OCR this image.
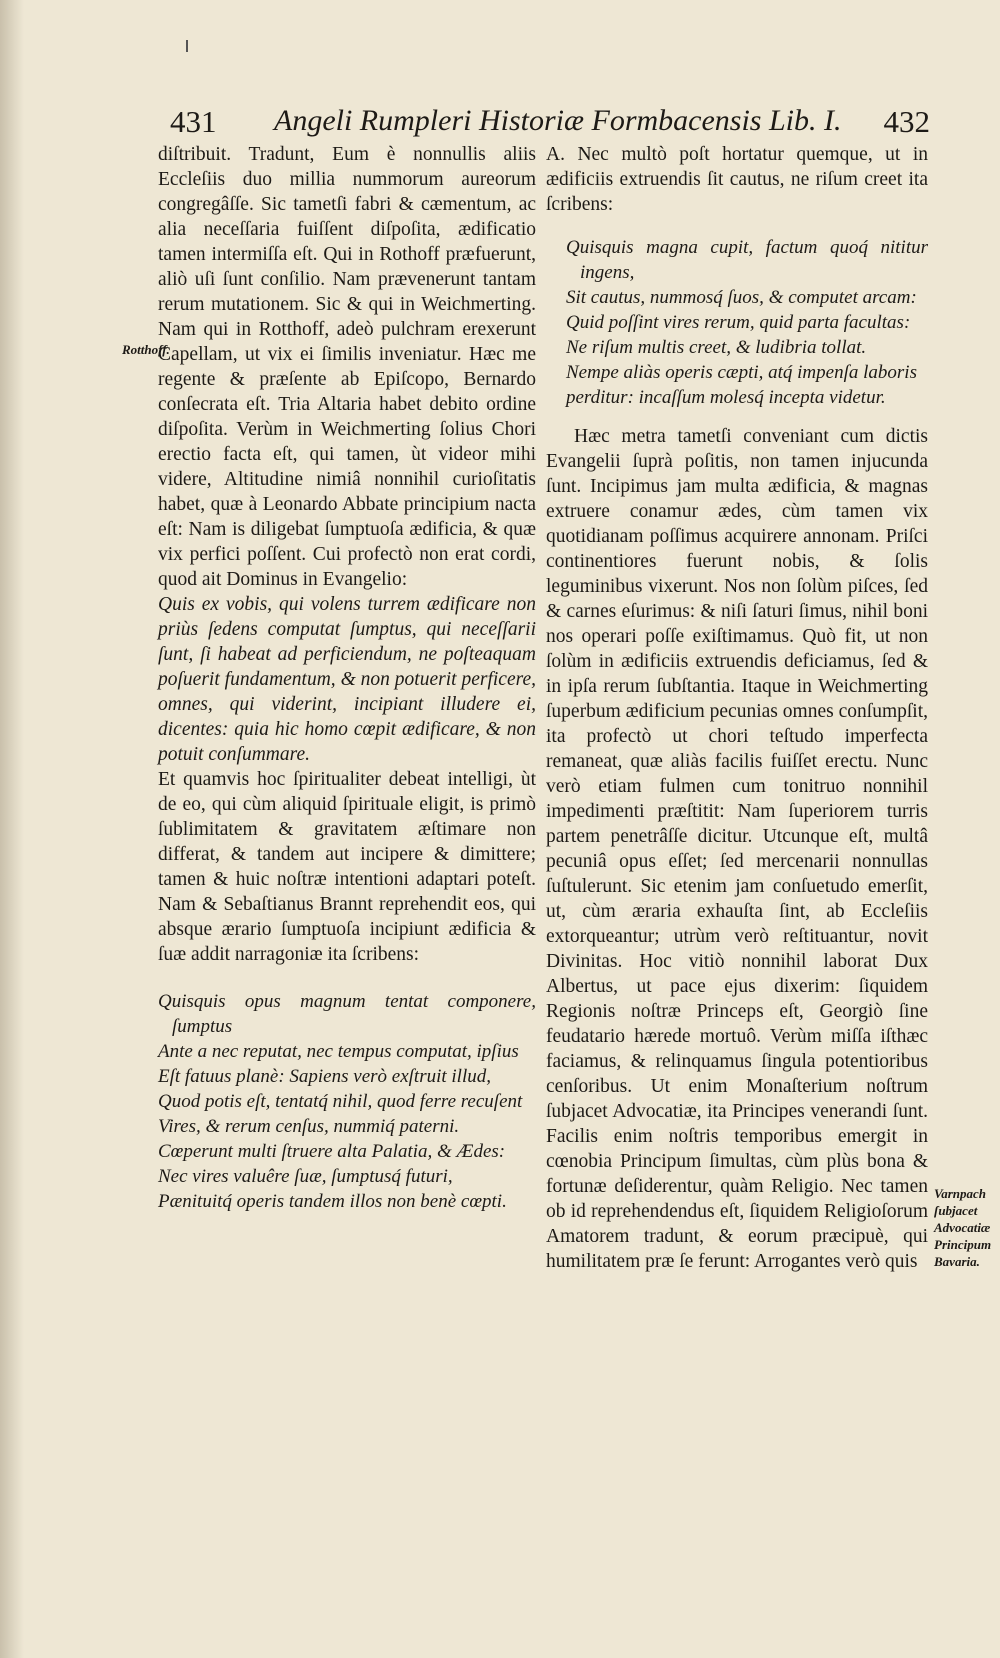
431 Angeli Rumpleri Historiæ Formbacensis Lib. I. 432
Rotthoff.

diſtribuit. Tradunt, Eum è nonnullis aliis Eccleſiis duo millia nummorum aureorum congregâſſe. Sic tametſi fabri & cæmentum, ac alia neceſſaria fuiſſent diſpoſita, ædificatio tamen intermiſſa eſt. Qui in Rothoff præfuerunt, aliò uſi ſunt conſilio. Nam prævenerunt tantam rerum mutationem. Sic & qui in Weichmerting. Nam qui in Rotthoff, adeò pulchram erexerunt Capellam, ut vix ei ſimilis inveniatur. Hæc me regente & præſente ab Epiſcopo, Bernardo conſecrata eſt. Tria Altaria habet debito ordine diſpoſita. Verùm in Weichmerting ſolius Chori erectio facta eſt, qui tamen, ùt videor mihi videre, Altitudine nimiâ nonnihil curioſitatis habet, quæ à Leonardo Abbate principium nacta eſt: Nam is diligebat ſumptuoſa ædificia, & quæ vix perfici poſſent. Cui profectò non erat cordi, quod ait Dominus in Evangelio:

Quis ex vobis, qui volens turrem ædificare non priùs ſedens computat ſumptus, qui neceſſarii ſunt, ſi habeat ad perficiendum, ne poſteaquam poſuerit fundamentum, & non potuerit perficere, omnes, qui viderint, incipiant illudere ei, dicentes: quia hic homo cœpit ædificare, & non potuit conſummare.

Et quamvis hoc ſpiritualiter debeat intelligi, ùt de eo, qui cùm aliquid ſpirituale eligit, is primò ſublimitatem & gravitatem æſtimare non differat, & tandem aut incipere & dimittere; tamen & huic noſtræ intentioni adaptari poteſt. Nam & Sebaſtianus Brannt reprehendit eos, qui absque ærario ſumptuoſa incipiunt ædificia & ſuæ addit narragoniæ ita ſcribens:

Quisquis opus magnum tentat componere, ſumptus
Ante a nec reputat, nec tempus computat, ipſius
Eſt fatuus planè: Sapiens verò exſtruit illud,
Quod potis eſt, tentatq́ nihil, quod ferre recuſent
Vires, & rerum cenſus, nummiq́ paterni.
Cœperunt multi ſtruere alta Palatia, & Ædes:
Nec vires valuêre ſuæ, ſumptusq́ futuri,
Pænituitq́ operis tandem illos non benè cœpti.

A. Nec multò poſt hortatur quemque, ut in ædificiis extruendis ſit cautus, ne riſum creet ita ſcribens:

Quisquis magna cupit, factum quoq́ nititur ingens,
Sit cautus, nummosq́ ſuos, & computet arcam:
Quid poſſint vires rerum, quid parta facultas:
Ne riſum multis creet, & ludibria tollat.
Nempe aliàs operis cæpti, atq́ impenſa laboris
perditur: incaſſum molesq́ incepta videtur.

Hæc metra tametſi conveniant cum dictis Evangelii ſuprà poſitis, non tamen injucunda ſunt. Incipimus jam multa ædificia, & magnas extruere conamur ædes, cùm tamen vix quotidianam poſſimus acquirere annonam. Priſci continentiores fuerunt nobis, & ſolis leguminibus vixerunt. Nos non ſolùm piſces, ſed & carnes eſurimus: & niſi ſaturi ſimus, nihil boni nos operari poſſe exiſtimamus. Quò fit, ut non ſolùm in ædificiis extruendis deficiamus, ſed & in ipſa rerum ſubſtantia. Itaque in Weichmerting ſuperbum ædificium pecunias omnes conſumpſit, ita profectò ut chori teſtudo imperfecta remaneat, quæ aliàs facilis fuiſſet erectu. Nunc verò etiam fulmen cum tonitruo nonnihil impedimenti præſtitit: Nam ſuperiorem turris partem penetrâſſe dicitur. Utcunque eſt, multâ pecuniâ opus eſſet; ſed mercenarii nonnullas ſuſtulerunt. Sic etenim jam conſuetudo emerſit, ut, cùm æraria exhauſta ſint, ab Eccleſiis extorqueantur; utrùm verò reſtituantur, novit Divinitas. Hoc vitiò nonnihil laborat Dux Albertus, ut pace ejus dixerim: ſiquidem Regionis noſtræ Princeps eſt, Georgiò ſine feudatario hærede mortuô. Verùm miſſa iſthæc faciamus, & relinquamus ſingula potentioribus cenſoribus. Ut enim Monaſterium noſtrum ſubjacet Advocatiæ, ita Principes venerandi ſunt. Facilis enim noſtris temporibus emergit in cœnobia Principum ſimultas, cùm plùs bona & fortunæ deſiderentur, quàm Religio. Nec tamen ob id reprehendendus eſt, ſiquidem Religioſorum Amatorem tradunt, & eorum præcipuè, qui humilitatem præ ſe ferunt: Arrogantes verò quis

Varnpach ſubjacet Advocatiæ Principum Bavaria.
